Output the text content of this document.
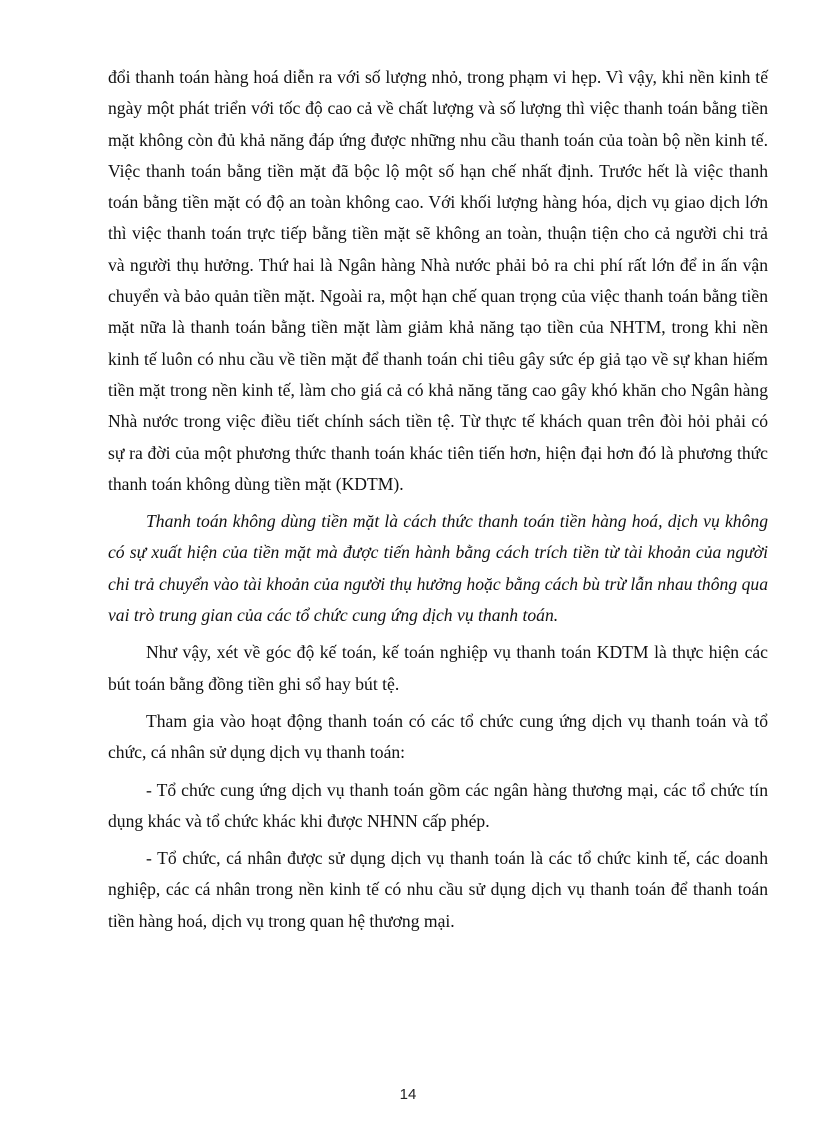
đổi thanh toán hàng hoá diễn ra với số lượng nhỏ, trong phạm vi hẹp. Vì vậy, khi nền kinh tế ngày một phát triển với tốc độ cao cả về chất lượng và số lượng thì việc thanh toán bằng tiền mặt không còn đủ khả năng đáp ứng được những nhu cầu thanh toán của toàn bộ nền kinh tế. Việc thanh toán bằng tiền mặt đã bộc lộ một số hạn chế nhất định. Trước hết là việc thanh toán bằng tiền mặt có độ an toàn không cao. Với khối lượng hàng hóa, dịch vụ giao dịch lớn thì việc thanh toán trực tiếp bằng tiền mặt sẽ không an toàn, thuận tiện cho cả người chi trả và người thụ hưởng. Thứ hai là Ngân hàng Nhà nước phải bỏ ra chi phí rất lớn để in ấn vận chuyển và bảo quản tiền mặt. Ngoài ra, một hạn chế quan trọng của việc thanh toán bằng tiền mặt nữa là thanh toán bằng tiền mặt làm giảm khả năng tạo tiền của NHTM, trong khi nền kinh tế luôn có nhu cầu về tiền mặt để thanh toán chi tiêu gây sức ép giả tạo về sự khan hiếm tiền mặt trong nền kinh tế, làm cho giá cả có khả năng tăng cao gây khó khăn cho Ngân hàng Nhà nước trong việc điều tiết chính sách tiền tệ. Từ thực tế khách quan trên đòi hỏi phải có sự ra đời của một phương thức thanh toán khác tiên tiến hơn, hiện đại hơn đó là phương thức thanh toán không dùng tiền mặt (KDTM).

Thanh toán không dùng tiền mặt là cách thức thanh toán tiền hàng hoá, dịch vụ không có sự xuất hiện của tiền mặt mà được tiến hành bằng cách trích tiền từ tài khoản của người chi trả chuyển vào tài khoản của người thụ hưởng hoặc bằng cách bù trừ lẫn nhau thông qua vai trò trung gian của các tổ chức cung ứng dịch vụ thanh toán.

Như vậy, xét về góc độ kế toán, kế toán nghiệp vụ thanh toán KDTM là thực hiện các bút toán bằng đồng tiền ghi sổ hay bút tệ.

Tham gia vào hoạt động thanh toán có các tổ chức cung ứng dịch vụ thanh toán và tổ chức, cá nhân sử dụng dịch vụ thanh toán:

- Tổ chức cung ứng dịch vụ thanh toán gồm các ngân hàng thương mại, các tổ chức tín dụng khác và tổ chức khác khi được NHNN cấp phép.

- Tổ chức, cá nhân được sử dụng dịch vụ thanh toán là các tổ chức kinh tế, các doanh nghiệp, các cá nhân trong nền kinh tế có nhu cầu sử dụng dịch vụ thanh toán để thanh toán tiền hàng hoá, dịch vụ trong quan hệ thương mại.

14
